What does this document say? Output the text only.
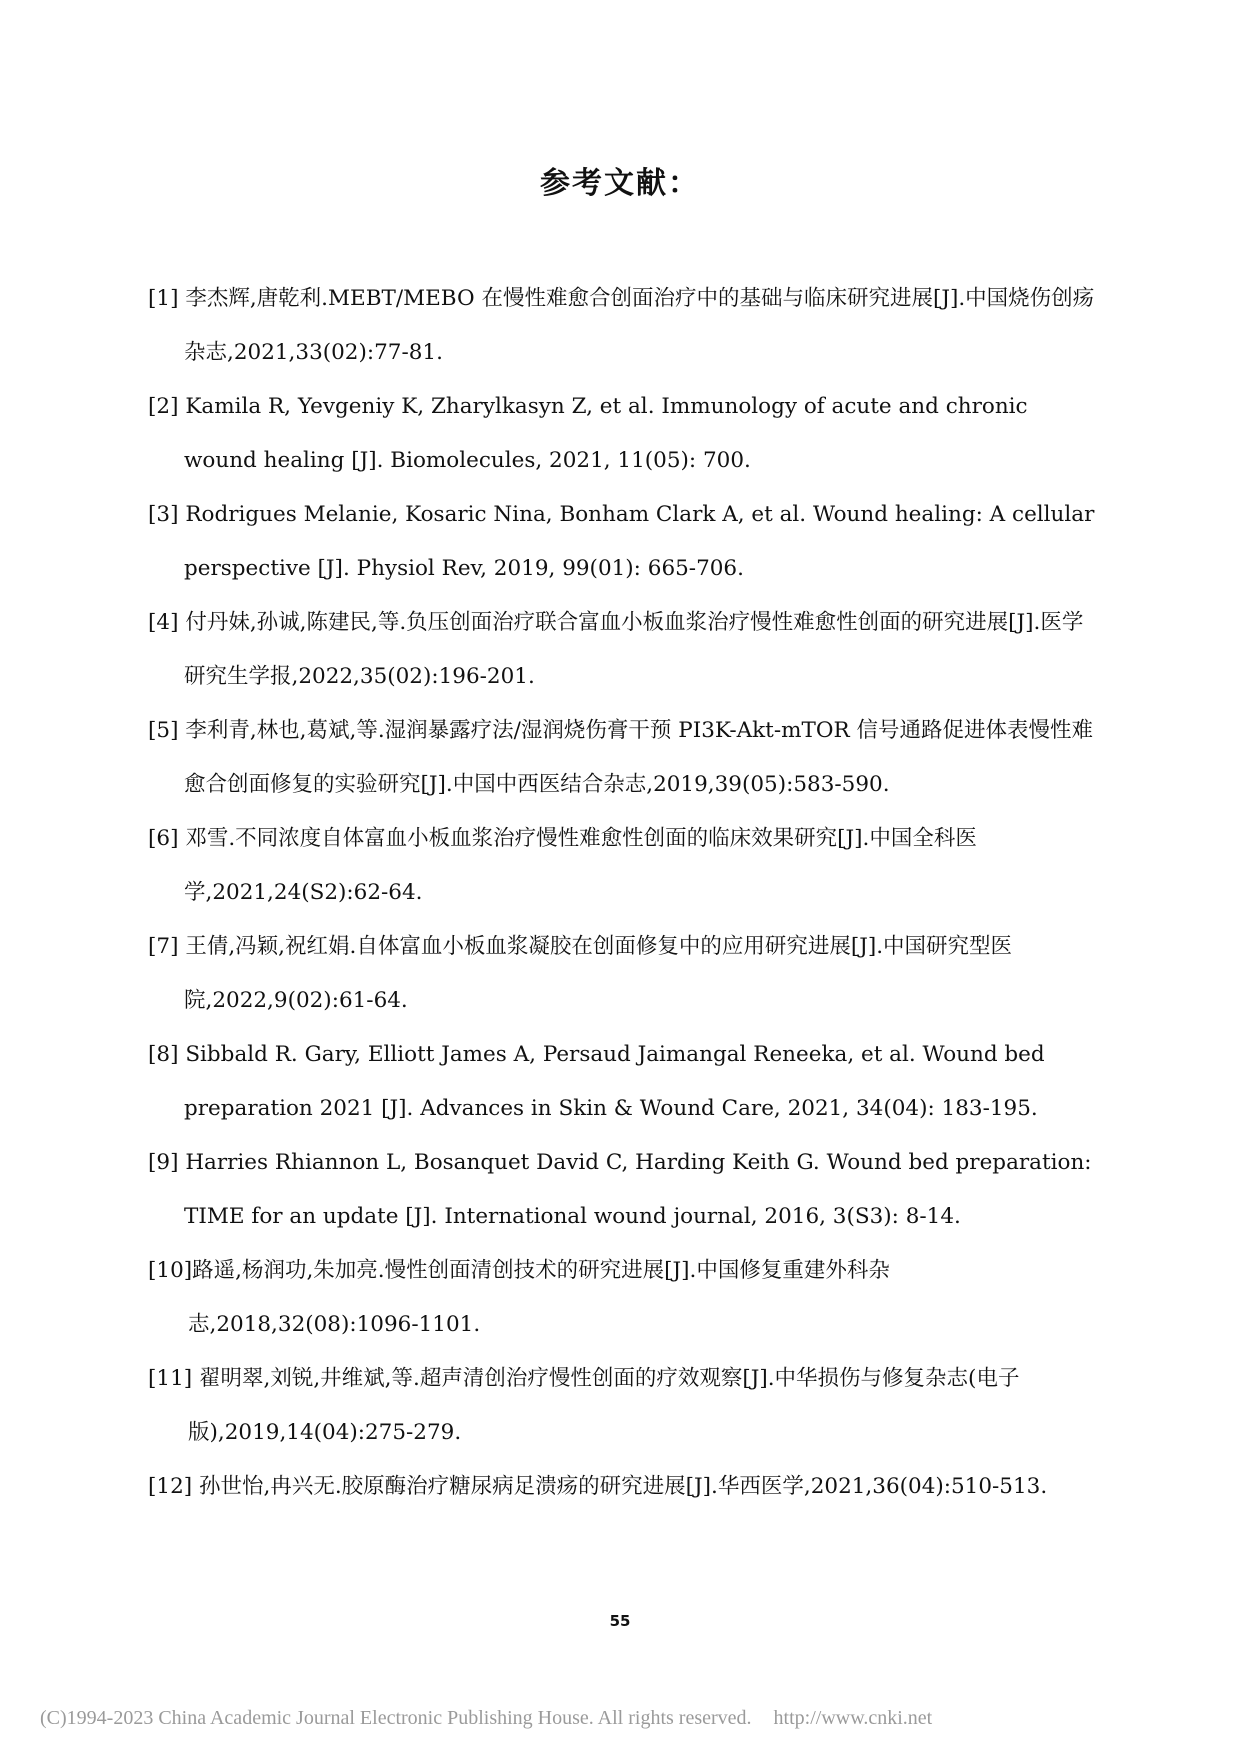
参考文献：

[1] 李杰辉,唐乾利.MEBT/MEBO 在慢性难愈合创面治疗中的基础与临床研究进展[J].中国烧伤创疡杂志,2021,33(02):77-81.

[2] Kamila R, Yevgeniy K, Zharylkasyn Z, et al. Immunology of acute and chronic wound healing [J]. Biomolecules, 2021, 11(05): 700.

[3] Rodrigues Melanie, Kosaric Nina, Bonham Clark A, et al. Wound healing: A cellular perspective [J]. Physiol Rev, 2019, 99(01): 665-706.

[4] 付丹妹,孙诚,陈建民,等.负压创面治疗联合富血小板血浆治疗慢性难愈性创面的研究进展[J].医学研究生学报,2022,35(02):196-201.

[5] 李利青,林也,葛斌,等.湿润暴露疗法/湿润烧伤膏干预 PI3K-Akt-mTOR 信号通路促进体表慢性难愈合创面修复的实验研究[J].中国中西医结合杂志,2019,39(05):583-590.

[6] 邓雪.不同浓度自体富血小板血浆治疗慢性难愈性创面的临床效果研究[J].中国全科医学,2021,24(S2):62-64.

[7] 王倩,冯颖,祝红娟.自体富血小板血浆凝胶在创面修复中的应用研究进展[J].中国研究型医院,2022,9(02):61-64.

[8] Sibbald R. Gary, Elliott James A, Persaud Jaimangal Reneeka, et al. Wound bed preparation 2021 [J]. Advances in Skin & Wound Care, 2021, 34(04): 183-195.

[9] Harries Rhiannon L, Bosanquet David C, Harding Keith G. Wound bed preparation: TIME for an update [J]. International wound journal, 2016, 3(S3): 8-14.

[10]路遥,杨润功,朱加亮.慢性创面清创技术的研究进展[J].中国修复重建外科杂志,2018,32(08):1096-1101.

[11] 翟明翠,刘锐,井维斌,等.超声清创治疗慢性创面的疗效观察[J].中华损伤与修复杂志(电子版),2019,14(04):275-279.

[12] 孙世怡,冉兴无.胶原酶治疗糖尿病足溃疡的研究进展[J].华西医学,2021,36(04):510-513.

55
(C)1994-2023 China Academic Journal Electronic Publishing House. All rights reserved. http://www.cnki.net
